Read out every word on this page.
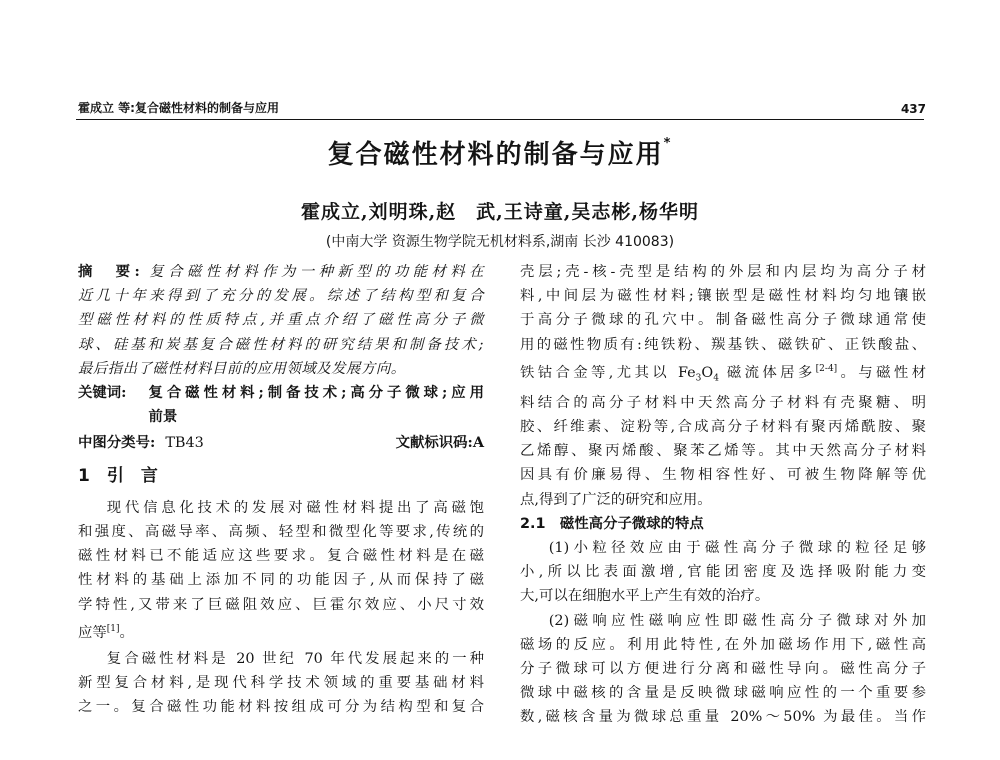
霍成立 等:复合磁性材料的制备与应用	437
复合磁性材料的制备与应用*
霍成立,刘明珠,赵　武,王诗童,吴志彬,杨华明
(中南大学 资源生物学院无机材料系,湖南 长沙 410083)

摘　要: 复合磁性材料作为一种新型的功能材料在

近几十年来得到了充分的发展。综述了结构型和复合

型磁性材料的性质特点,并重点介绍了磁性高分子微

球、硅基和炭基复合磁性材料的研究结果和制备技术;

最后指出了磁性材料目前的应用领域及发展方向。

关键词: 复合磁性材料;制备技术;高分子微球;应用

前景

中图分类号: TB43	文献标识码:A
1　引　言

现代信息化技术的发展对磁性材料提出了高磁饱

和强度、高磁导率、高频、轻型和微型化等要求,传统的

磁性材料已不能适应这些要求。复合磁性材料是在磁

性材料的基础上添加不同的功能因子,从而保持了磁

学特性,又带来了巨磁阻效应、巨霍尔效应、小尺寸效

应等[1]。

复合磁性材料是 20 世纪 70 年代发展起来的一种

新型复合材料,是现代科学技术领域的重要基础材料

之一。复合磁性功能材料按组成可分为结构型和复合

壳层;壳-核-壳型是结构的外层和内层均为高分子材

料,中间层为磁性材料;镶嵌型是磁性材料均匀地镶嵌

于高分子微球的孔穴中。制备磁性高分子微球通常使

用的磁性物质有:纯铁粉、羰基铁、磁铁矿、正铁酸盐、

铁钴合金等,尤其以 $Fe_3O_4$ 磁流体居多[2-4]。与磁性材

料结合的高分子材料中天然高分子材料有壳聚糖、明

胶、纤维素、淀粉等,合成高分子材料有聚丙烯酰胺、聚

乙烯醇、聚丙烯酸、聚苯乙烯等。其中天然高分子材料

因具有价廉易得、生物相容性好、可被生物降解等优

点,得到了广泛的研究和应用。

2.1　磁性高分子微球的特点

(1)小粒径效应由于磁性高分子微球的粒径足够

小,所以比表面激增,官能团密度及选择吸附能力变

大,可以在细胞水平上产生有效的治疗。

(2)磁响应性磁响应性即磁性高分子微球对外加

磁场的反应。利用此特性,在外加磁场作用下,磁性高

分子微球可以方便进行分离和磁性导向。磁性高分子

微球中磁核的含量是反映微球磁响应性的一个重要参

数,磁核含量为微球总重量 20%～50% 为最佳。当作
